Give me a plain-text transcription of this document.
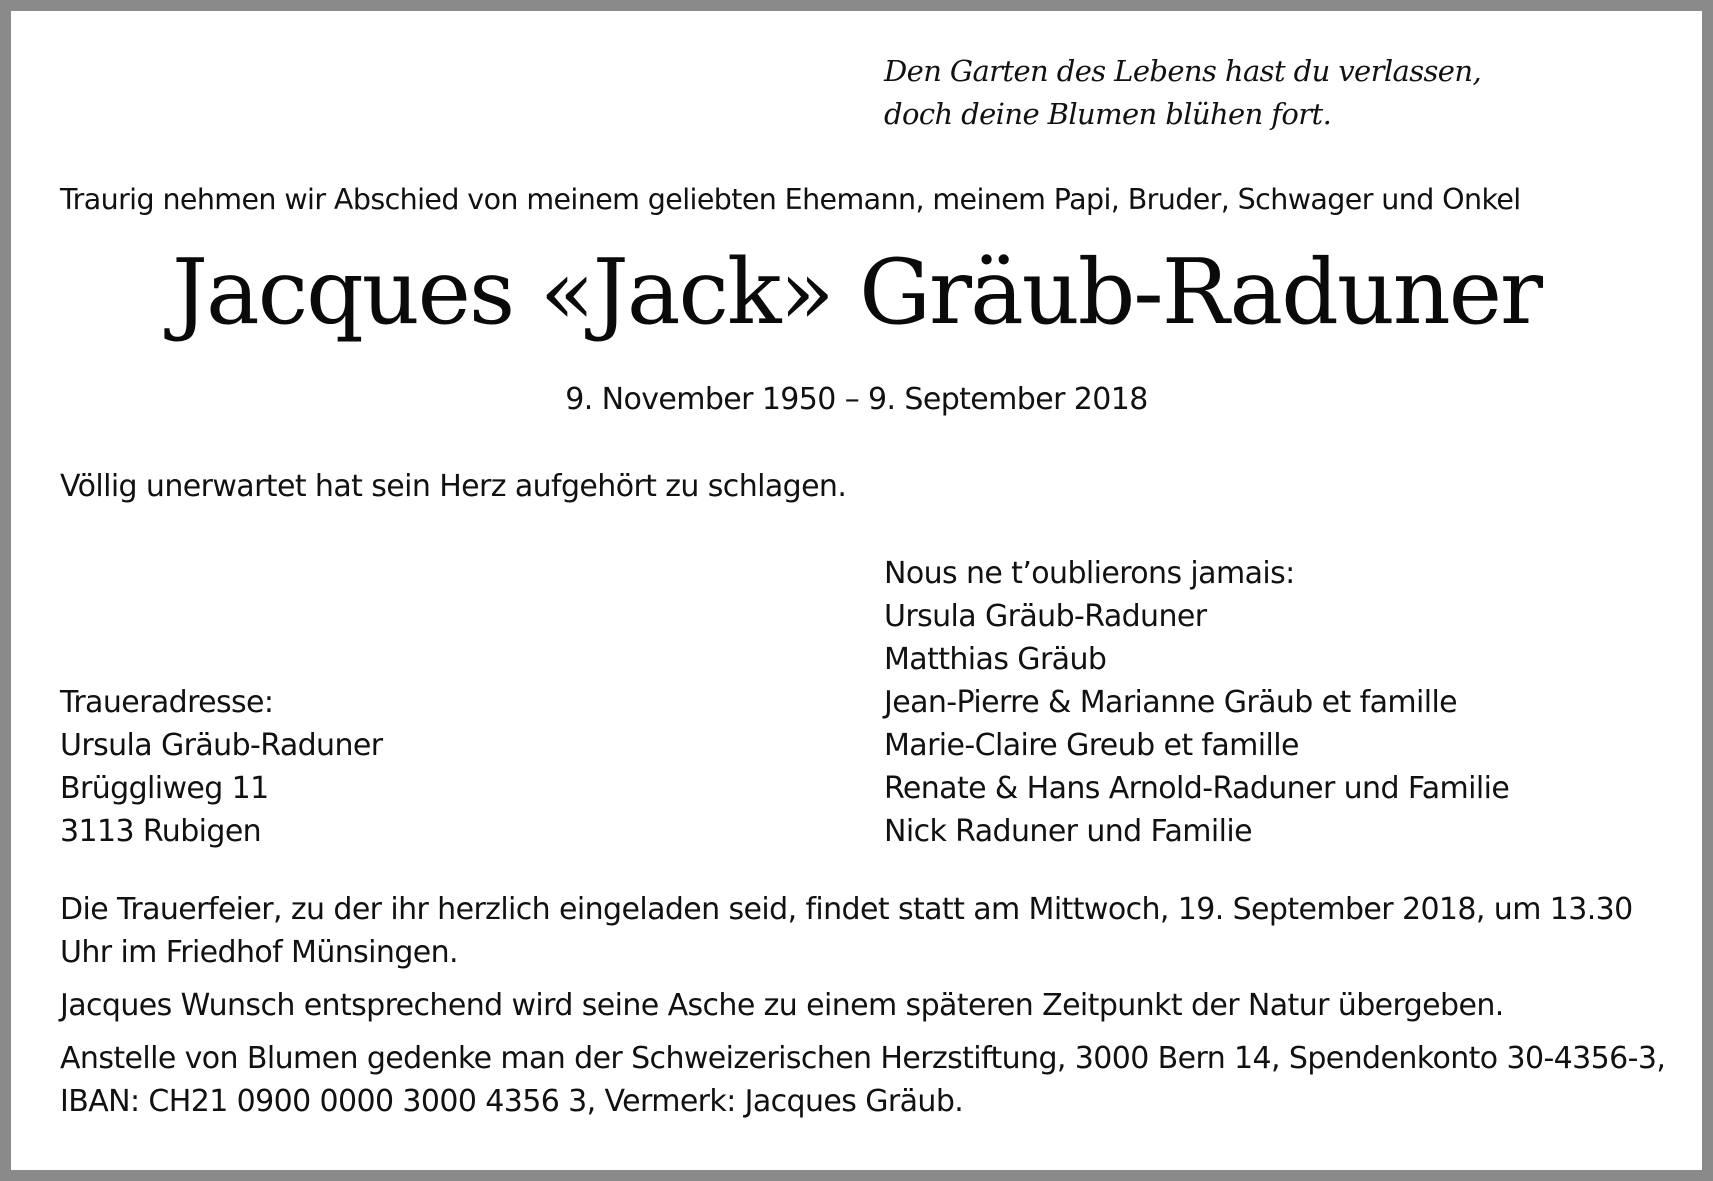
Den Garten des Lebens hast du verlassen,
doch deine Blumen blühen fort.
Traurig nehmen wir Abschied von meinem geliebten Ehemann, meinem Papi, Bruder, Schwager und Onkel
Jacques «Jack» Gräub-Raduner
9. November 1950 – 9. September 2018
Völlig unerwartet hat sein Herz aufgehört zu schlagen.
Nous ne t’oublierons jamais:
Ursula Gräub-Raduner
Matthias Gräub
Jean-Pierre & Marianne Gräub et famille
Marie-Claire Greub et famille
Renate & Hans Arnold-Raduner und Familie
Nick Raduner und Familie
Traueradresse:
Ursula Gräub-Raduner
Brüggliweg 11
3113 Rubigen

Die Trauerfeier, zu der ihr herzlich eingeladen seid, findet statt am Mittwoch, 19. September 2018, um 13.30 Uhr im Friedhof Münsingen.

Jacques Wunsch entsprechend wird seine Asche zu einem späteren Zeitpunkt der Natur übergeben.

Anstelle von Blumen gedenke man der Schweizerischen Herzstiftung, 3000 Bern 14, Spendenkonto 30-4356-3, IBAN: CH21 0900 0000 3000 4356 3, Vermerk: Jacques Gräub.
